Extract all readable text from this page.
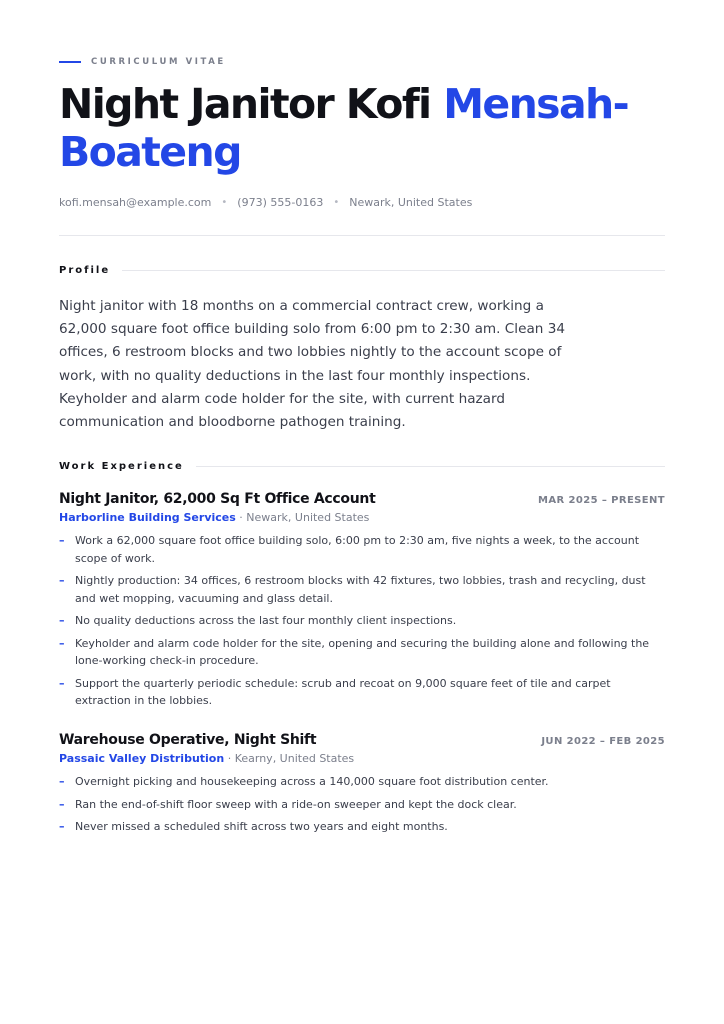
CURRICULUM VITAE
Night Janitor Kofi Mensah-Boateng
kofi.mensah@example.com • (973) 555-0163 • Newark, United States
Profile

Night janitor with 18 months on a commercial contract crew, working a 62,000 square foot office building solo from 6:00 pm to 2:30 am. Clean 34 offices, 6 restroom blocks and two lobbies nightly to the account scope of work, with no quality deductions in the last four monthly inspections. Keyholder and alarm code holder for the site, with current hazard communication and bloodborne pathogen training.

Work Experience
Night Janitor, 62,000 Sq Ft Office Account	MAR 2025 – PRESENT
Harborline Building Services · Newark, United States
– Work a 62,000 square foot office building solo, 6:00 pm to 2:30 am, five nights a week, to the account scope of work.
– Nightly production: 34 offices, 6 restroom blocks with 42 fixtures, two lobbies, trash and recycling, dust and wet mopping, vacuuming and glass detail.
– No quality deductions across the last four monthly client inspections.
– Keyholder and alarm code holder for the site, opening and securing the building alone and following the lone-working check-in procedure.
– Support the quarterly periodic schedule: scrub and recoat on 9,000 square feet of tile and carpet extraction in the lobbies.
Warehouse Operative, Night Shift	JUN 2022 – FEB 2025
Passaic Valley Distribution · Kearny, United States
– Overnight picking and housekeeping across a 140,000 square foot distribution center.
– Ran the end-of-shift floor sweep with a ride-on sweeper and kept the dock clear.
– Never missed a scheduled shift across two years and eight months.
